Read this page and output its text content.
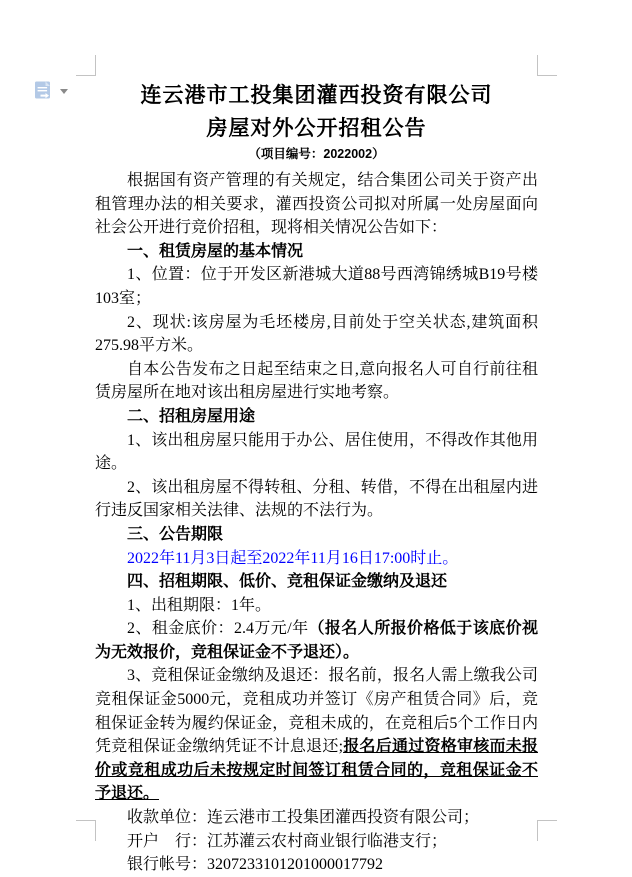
连云港市工投集团灌西投资有限公司
房屋对外公开招租公告
（项目编号：2022002）

根据国有资产管理的有关规定，结合集团公司关于资产出租管理办法的相关要求，灌西投资公司拟对所属一处房屋面向社会公开进行竞价招租，现将相关情况公告如下：

一、租赁房屋的基本情况

1、位置：位于开发区新港城大道88号西湾锦绣城B19号楼103室；

2、现状:该房屋为毛坯楼房,目前处于空关状态,建筑面积275.98平方米。

自本公告发布之日起至结束之日,意向报名人可自行前往租赁房屋所在地对该出租房屋进行实地考察。

二、招租房屋用途

1、该出租房屋只能用于办公、居住使用，不得改作其他用途。

2、该出租房屋不得转租、分租、转借，不得在出租屋内进行违反国家相关法律、法规的不法行为。

三、公告期限

2022年11月3日起至2022年11月16日17:00时止。

四、招租期限、低价、竞租保证金缴纳及退还

1、出租期限：1年。

2、租金底价：2.4万元/年（报名人所报价格低于该底价视为无效报价，竞租保证金不予退还）。

3、竞租保证金缴纳及退还：报名前，报名人需上缴我公司竞租保证金5000元，竞租成功并签订《房产租赁合同》后，竞租保证金转为履约保证金，竞租未成的，在竞租后5个工作日内凭竞租保证金缴纳凭证不计息退还;报名后通过资格审核而未报价或竞租成功后未按规定时间签订租赁合同的，竞租保证金不予退还。

收款单位：连云港市工投集团灌西投资有限公司；

开户　行：江苏灌云农村商业银行临港支行；

银行帐号：3207233101201000017792
